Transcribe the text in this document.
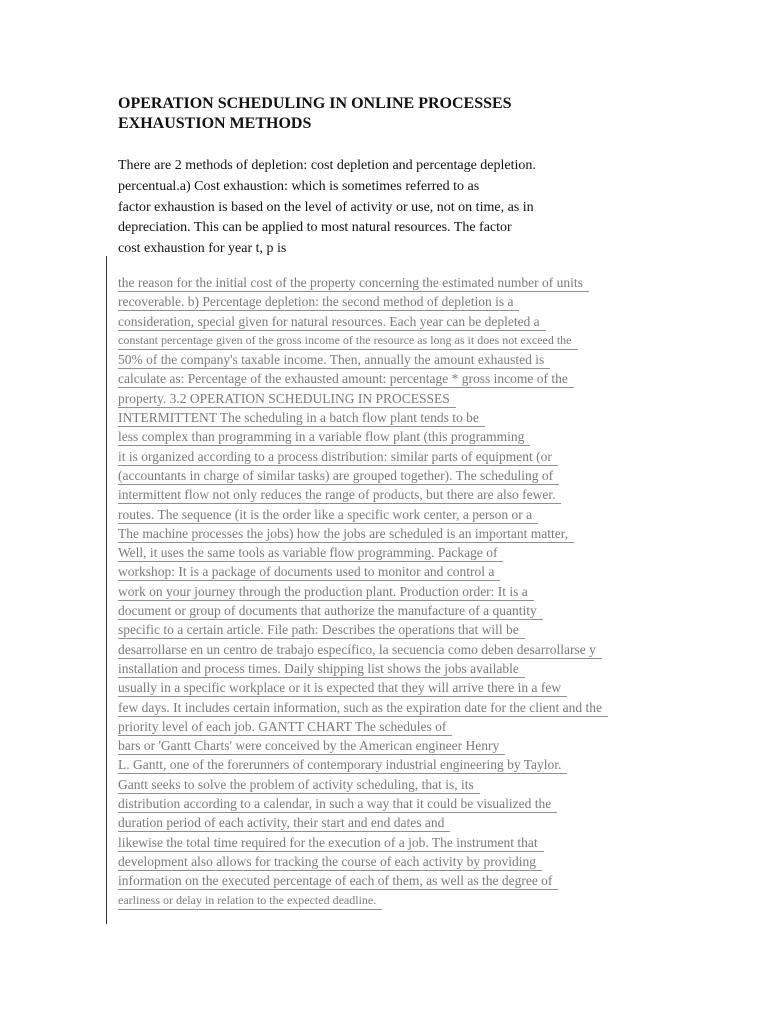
OPERATION SCHEDULING IN ONLINE PROCESSES
EXHAUSTION METHODS
There are 2 methods of depletion: cost depletion and percentage depletion.
percentual.a) Cost exhaustion: which is sometimes referred to as
factor exhaustion is based on the level of activity or use, not on time, as in
depreciation. This can be applied to most natural resources. The factor
cost exhaustion for year t, p is
the reason for the initial cost of the property concerning the estimated number of units
recoverable. b) Percentage depletion: the second method of depletion is a
consideration, special given for natural resources. Each year can be depleted a
constant percentage given of the gross income of the resource as long as it does not exceed the
50% of the company's taxable income. Then, annually the amount exhausted is
calculate as: Percentage of the exhausted amount: percentage * gross income of the
property. 3.2 OPERATION SCHEDULING IN PROCESSES
INTERMITTENT The scheduling in a batch flow plant tends to be
less complex than programming in a variable flow plant (this programming
it is organized according to a process distribution: similar parts of equipment (or
(accountants in charge of similar tasks) are grouped together). The scheduling of
intermittent flow not only reduces the range of products, but there are also fewer.
routes. The sequence (it is the order like a specific work center, a person or a
The machine processes the jobs) how the jobs are scheduled is an important matter,
Well, it uses the same tools as variable flow programming. Package of
workshop: It is a package of documents used to monitor and control a
work on your journey through the production plant. Production order: It is a
document or group of documents that authorize the manufacture of a quantity
specific to a certain article. File path: Describes the operations that will be
desarrollarse en un centro de trabajo específico, la secuencia como deben desarrollarse y
installation and process times. Daily shipping list shows the jobs available
usually in a specific workplace or it is expected that they will arrive there in a few
few days. It includes certain information, such as the expiration date for the client and the
priority level of each job. GANTT CHART The schedules of
bars or 'Gantt Charts' were conceived by the American engineer Henry
L. Gantt, one of the forerunners of contemporary industrial engineering by Taylor.
Gantt seeks to solve the problem of activity scheduling, that is, its
distribution according to a calendar, in such a way that it could be visualized the
duration period of each activity, their start and end dates and
likewise the total time required for the execution of a job. The instrument that
development also allows for tracking the course of each activity by providing
information on the executed percentage of each of them, as well as the degree of
earliness or delay in relation to the expected deadline.
